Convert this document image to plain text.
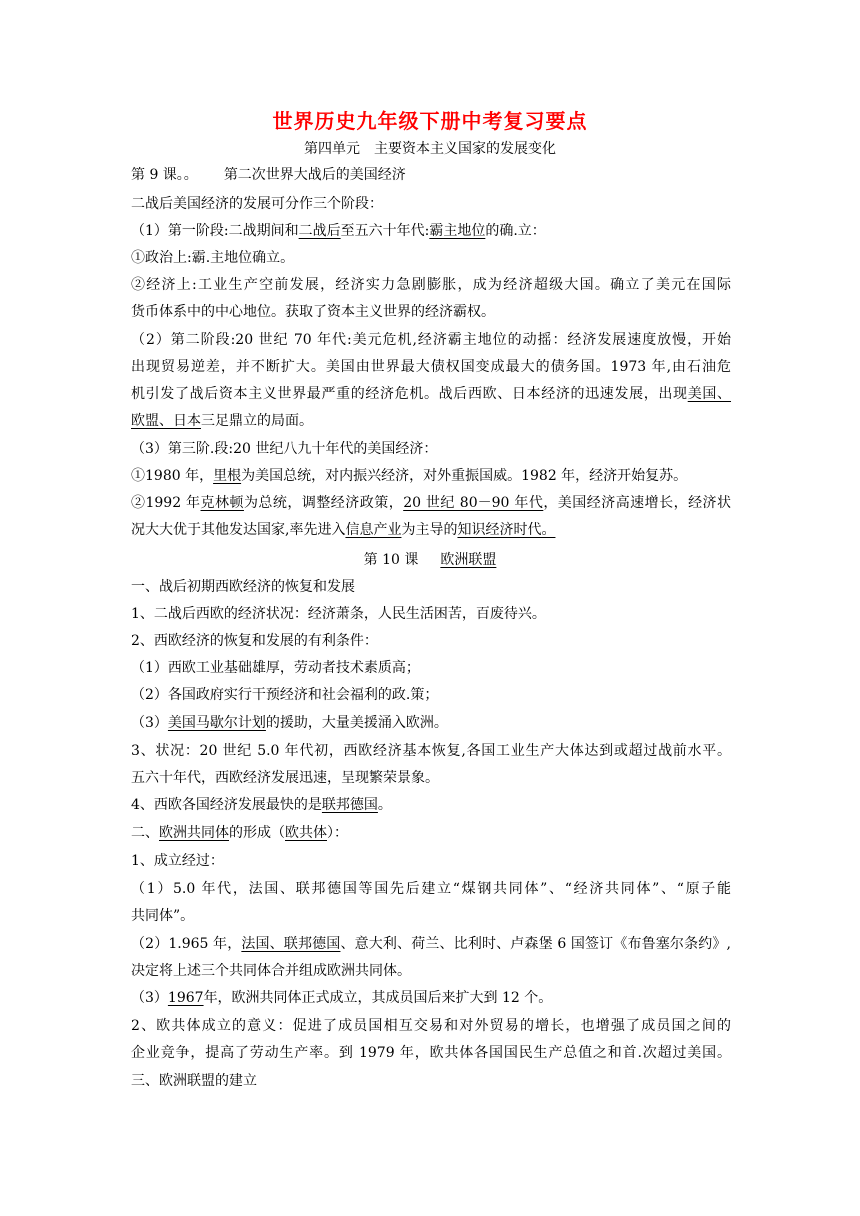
世界历史九年级下册中考复习要点
第四单元　主要资本主义国家的发展变化
第 9 课。。 第二次世界大战后的美国经济
二战后美国经济的发展可分作三个阶段：
（1）第一阶段:二战期间和二战后至五六十年代:霸主地位的确.立：
①政治上:霸.主地位确立。
②经济上:工业生产空前发展，经济实力急剧膨胀，成为经济超级大国。确立了美元在国际
货币体系中的中心地位。获取了资本主义世界的经济霸权。
（2）第二阶段:20 世纪 70 年代:美元危机,经济霸主地位的动摇：经济发展速度放慢，开始
出现贸易逆差，并不断扩大。美国由世界最大债权国变成最大的债务国。1973 年,由石油危
机引发了战后资本主义世界最严重的经济危机。战后西欧、日本经济的迅速发展，出现美国、
欧盟、日本三足鼎立的局面。
（3）第三阶.段:20 世纪八九十年代的美国经济：
①1980 年，里根为美国总统，对内振兴经济，对外重振国威。1982 年，经济开始复苏。
②1992 年克林顿为总统，调整经济政策，20 世纪 80－90 年代，美国经济高速增长，经济状
况大大优于其他发达国家,率先进入信息产业为主导的知识经济时代。
第 10 课 欧洲联盟
一、战后初期西欧经济的恢复和发展
1、二战后西欧的经济状况：经济萧条，人民生活困苦，百废待兴。
2、西欧经济的恢复和发展的有利条件：
（1）西欧工业基础雄厚，劳动者技术素质高；
（2）各国政府实行干预经济和社会福利的政.策；
（3）美国马歇尔计划的援助，大量美援涌入欧洲。
3、状况：20 世纪 5.0 年代初，西欧经济基本恢复,各国工业生产大体达到或超过战前水平。
五六十年代，西欧经济发展迅速，呈现繁荣景象。
4、西欧各国经济发展最快的是联邦德国。
二、欧洲共同体的形成（欧共体）：
1、成立经过：
（1）5.0 年代，法国、联邦德国等国先后建立“煤钢共同体”、“经济共同体”、“原子能
共同体”。
（2）1.965 年，法国、联邦德国、意大利、荷兰、比利时、卢森堡 6 国签订《布鲁塞尔条约》,
决定将上述三个共同体合并组成欧洲共同体。
（3）1967年，欧洲共同体正式成立，其成员国后来扩大到 12 个。
2、欧共体成立的意义：促进了成员国相互交易和对外贸易的增长，也增强了成员国之间的
企业竞争，提高了劳动生产率。到 1979 年，欧共体各国国民生产总值之和首.次超过美国。
三、欧洲联盟的建立
